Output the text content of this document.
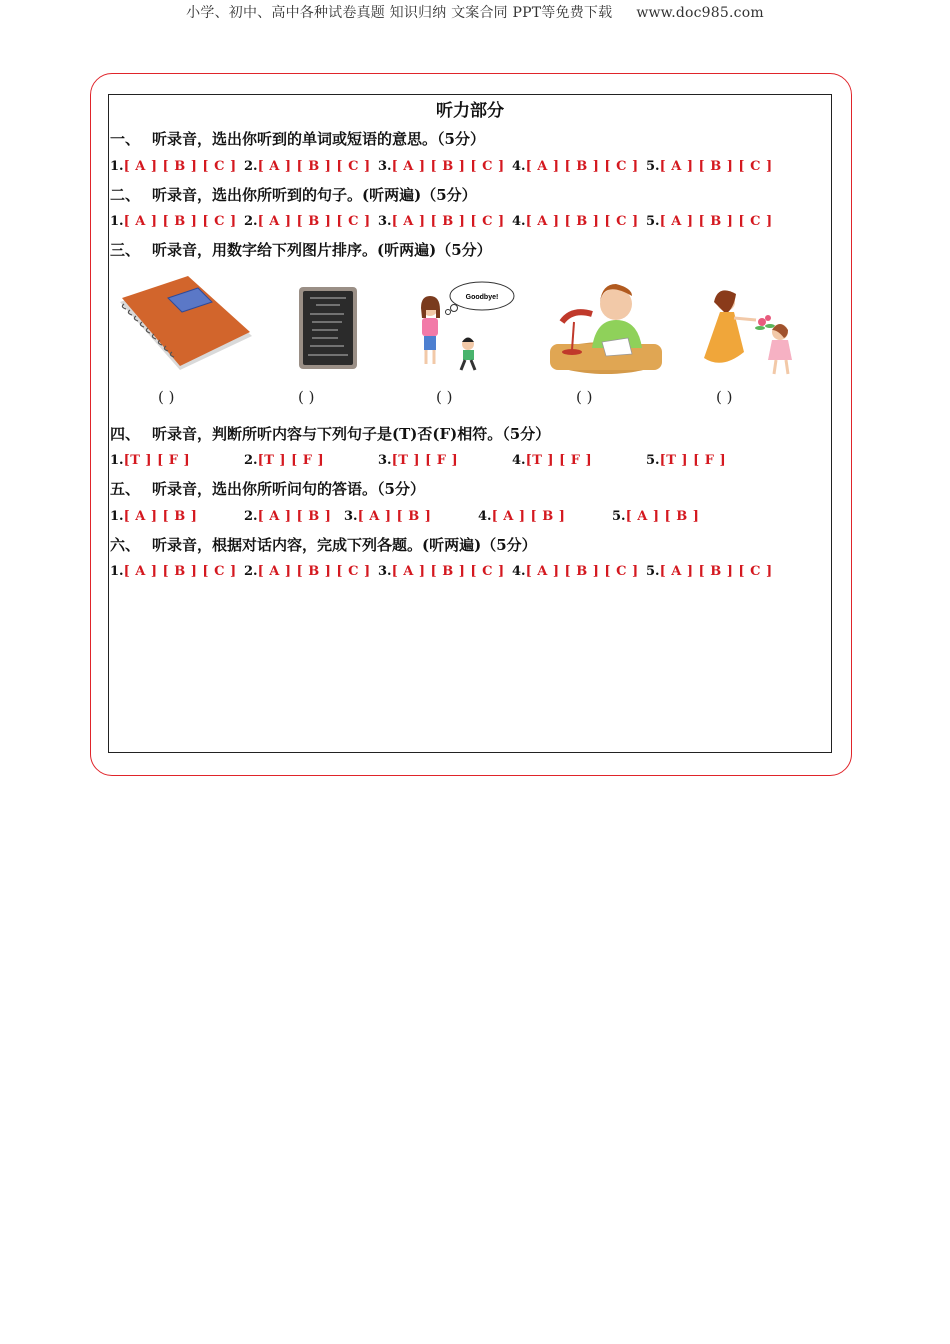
小学、初中、高中各种试卷真题 知识归纳 文案合同 PPT等免费下载 www.doc985.com
听力部分
一、 听录音，选出你听到的单词或短语的意思。（5分）
1.[ A ] [ B ] [ C ] 2.[ A ] [ B ] [ C ] 3.[ A ] [ B ] [ C ] 4.[ A ] [ B ] [ C ] 5.[ A ] [ B ] [ C ]
二、 听录音，选出你所听到的句子。(听两遍)（5分）
1.[ A ] [ B ] [ C ] 2.[ A ] [ B ] [ C ] 3.[ A ] [ B ] [ C ] 4.[ A ] [ B ] [ C ] 5.[ A ] [ B ] [ C ]
三、 听录音，用数字给下列图片排序。(听两遍)（5分）
Goodbye!
( )	( )	( )	( )	( )
四、 听录音，判断所听内容与下列句子是(T)否(F)相符。（5分）
1.[T ] [ F ]	2.[T ] [ F ]	3.[T ] [ F ]	4.[T ] [ F ]	5.[T ] [ F ]
五、 听录音，选出你所听问句的答语。（5分）
1.[ A ] [ B ]	2.[ A ] [ B ] 3.[ A ] [ B ]	4.[ A ] [ B ]	5.[ A ] [ B ]
六、 听录音，根据对话内容，完成下列各题。(听两遍)（5分）
1.[ A ] [ B ] [ C ] 2.[ A ] [ B ] [ C ] 3.[ A ] [ B ] [ C ] 4.[ A ] [ B ] [ C ] 5.[ A ] [ B ] [ C ]
